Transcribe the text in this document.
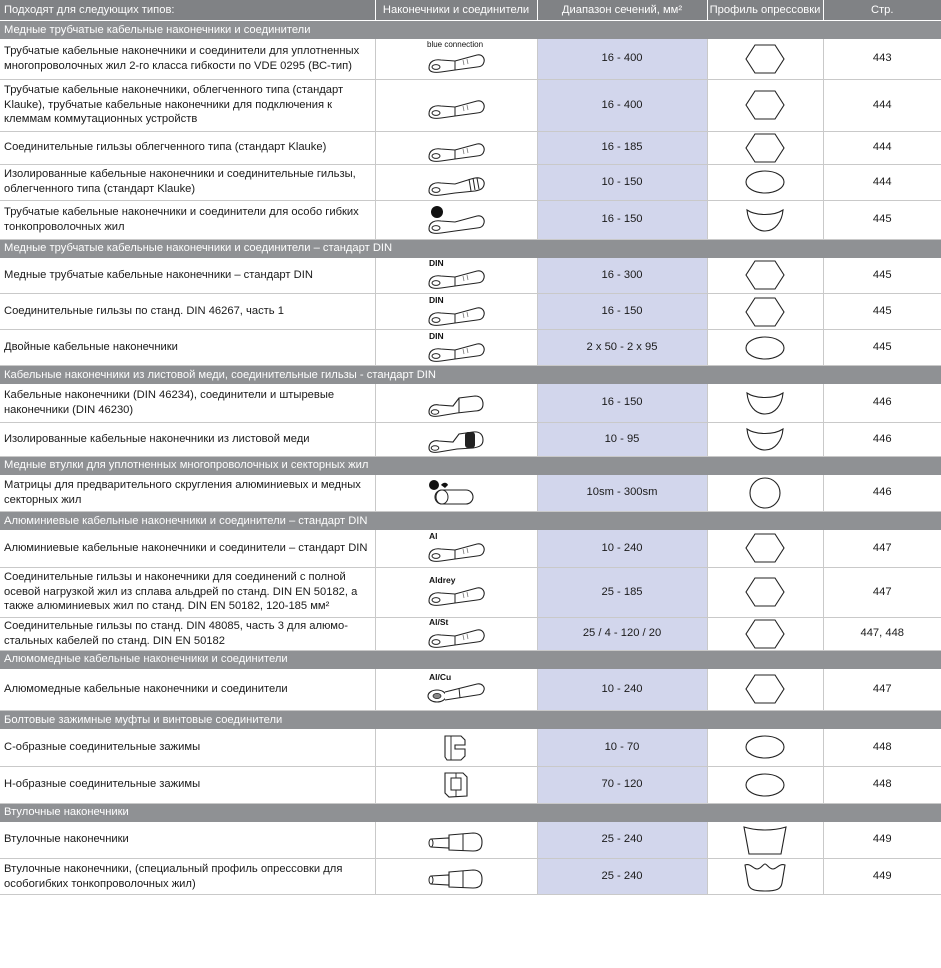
Подходят для следующих типов:	Наконечники и соединители	Диапазон сечений, мм²	Профиль опрессовки	Стр.
Медные трубчатые кабельные наконечники и соединители				
Трубчатые кабельные наконечники и соединители для уплотненных многопроволочных жил 2-го класса гибкости по VDE 0295 (ВС-тип)	blue connection	16 - 400		443
Трубчатые кабельные наконечники, облегченного типа (стандарт Klauke), трубчатые кабельные наконечники для подключения к клеммам коммутационных устройств		16 - 400		444
Соединительные гильзы облегченного типа (стандарт Klauke)		16 - 185		444
Изолированные кабельные наконечники и соединительные гильзы, облегченного типа (стандарт Klauke)		10 - 150		444
Трубчатые кабельные наконечники и соединители для особо гибких тонкопроволочных жил		16 - 150		445
Медные трубчатые кабельные наконечники и соединители – стандарт DIN				
Медные трубчатые кабельные наконечники – стандарт DIN	DIN	16 - 300		445
Соединительные гильзы по станд. DIN 46267, часть 1	DIN	16 - 150		445
Двойные кабельные наконечники	DIN	2 x 50 - 2 x 95		445
Кабельные наконечники из листовой меди, соединительные гильзы - стандарт DIN				
Кабельные наконечники (DIN 46234), соединители и штыревые наконечники (DIN 46230)		16 - 150		446
Изолированные кабельные наконечники из листовой меди		10 - 95		446
Медные втулки для уплотненных многопроволочных и секторных жил				
Матрицы для предварительного скругления алюминиевых и медных секторных жил		10sm - 300sm		446
Алюминиевые кабельные наконечники и соединители – стандарт DIN				
Алюминиевые кабельные наконечники и соединители – стандарт DIN	Al	10 - 240		447
Соединительные гильзы и наконечники для соединений с полной осевой нагрузкой жил из сплава альдрей по станд. DIN EN 50182, а также алюминиевых жил по станд. DIN EN 50182, 120-185 мм²	Aldrey	25 - 185		447
Соединительные гильзы по станд. DIN 48085, часть 3 для алюмо-стальных кабелей по станд. DIN EN 50182	Al/St	25 / 4 - 120 / 20		447, 448
Алюмомедные кабельные наконечники и соединители				
Алюмомедные кабельные наконечники и соединители	Al/Cu	10 - 240		447
Болтовые зажимные муфты и винтовые соединители				
С-образные соединительные зажимы		10 - 70		448
Н-образные соединительные зажимы		70 - 120		448
Втулочные наконечники				
Втулочные наконечники		25 - 240		449
Втулочные наконечники, (специальный профиль опрессовки для особогибких тонкопроволочных жил)		25 - 240		449
